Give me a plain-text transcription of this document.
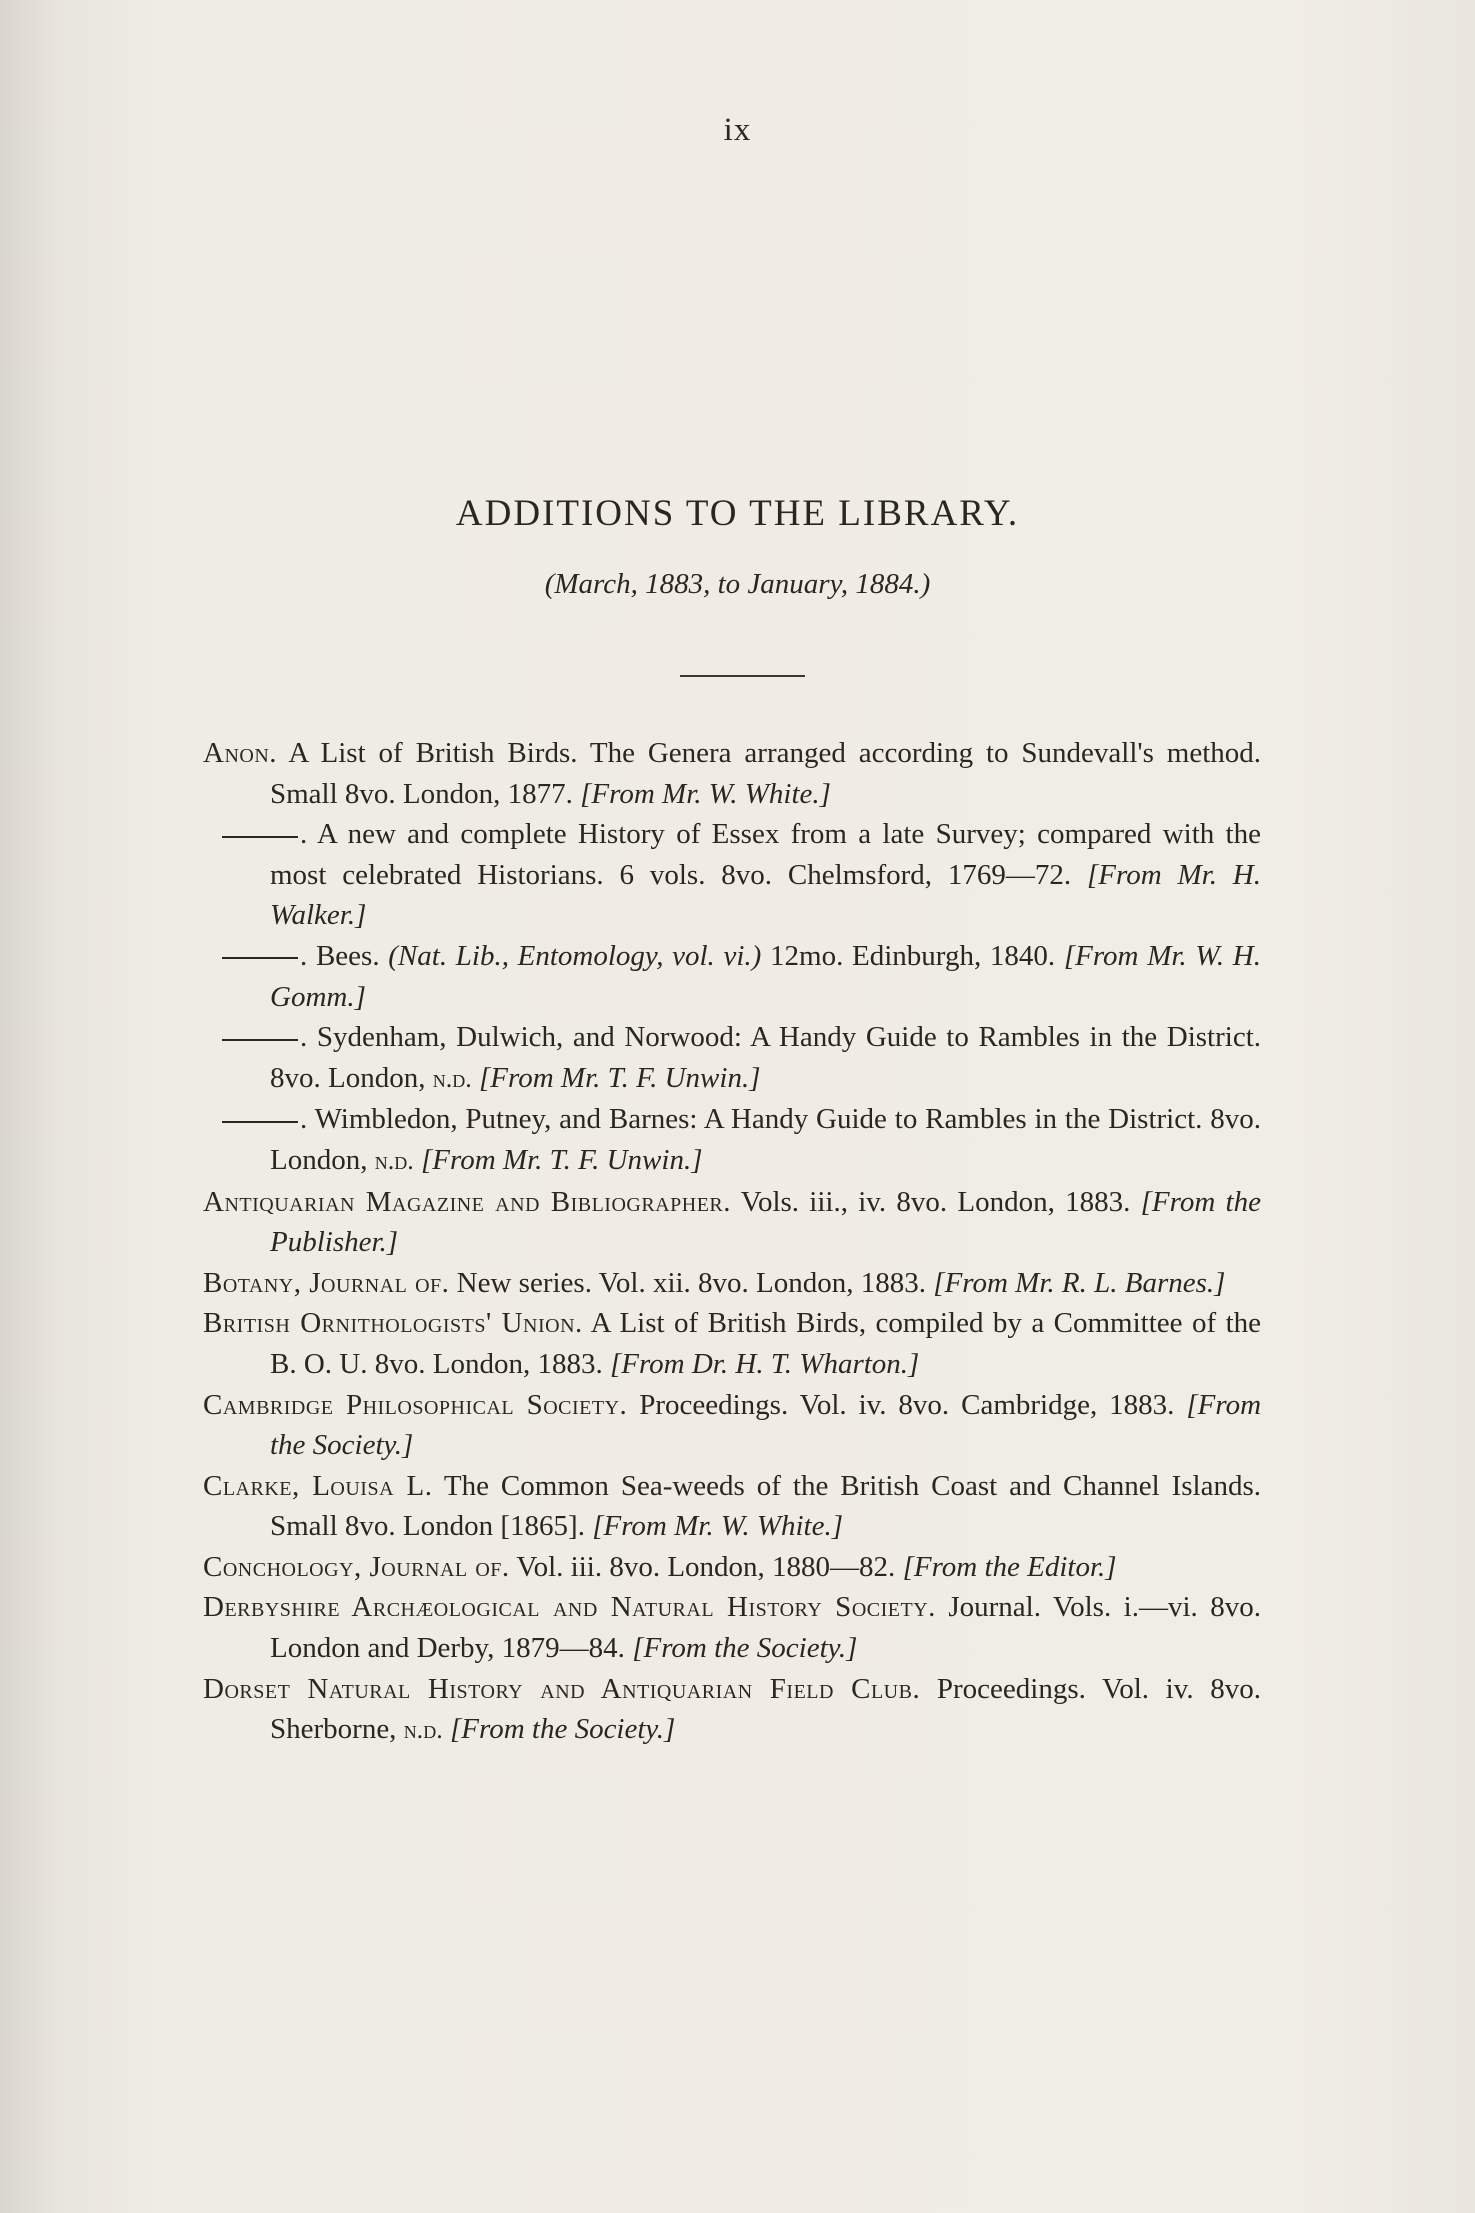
ix
ADDITIONS TO THE LIBRARY.
(March, 1883, to January, 1884.)

Anon. A List of British Birds. The Genera arranged according to Sundevall's method. Small 8vo. London, 1877. [From Mr. W. White.]

. A new and complete History of Essex from a late Survey; compared with the most celebrated Historians. 6 vols. 8vo. Chelmsford, 1769—72. [From Mr. H. Walker.]

. Bees. (Nat. Lib., Entomology, vol. vi.) 12mo. Edinburgh, 1840. [From Mr. W. H. Gomm.]

. Sydenham, Dulwich, and Norwood: A Handy Guide to Rambles in the District. 8vo. London, n.d. [From Mr. T. F. Unwin.]

. Wimbledon, Putney, and Barnes: A Handy Guide to Rambles in the District. 8vo. London, n.d. [From Mr. T. F. Unwin.]

Antiquarian Magazine and Bibliographer. Vols. iii., iv. 8vo. London, 1883. [From the Publisher.]

Botany, Journal of. New series. Vol. xii. 8vo. London, 1883. [From Mr. R. L. Barnes.]

British Ornithologists' Union. A List of British Birds, compiled by a Committee of the B. O. U. 8vo. London, 1883. [From Dr. H. T. Wharton.]

Cambridge Philosophical Society. Proceedings. Vol. iv. 8vo. Cambridge, 1883. [From the Society.]

Clarke, Louisa L. The Common Sea-weeds of the British Coast and Channel Islands. Small 8vo. London [1865]. [From Mr. W. White.]

Conchology, Journal of. Vol. iii. 8vo. London, 1880—82. [From the Editor.]

Derbyshire Archæological and Natural History Society. Journal. Vols. i.—vi. 8vo. London and Derby, 1879—84. [From the Society.]

Dorset Natural History and Antiquarian Field Club. Proceedings. Vol. iv. 8vo. Sherborne, n.d. [From the Society.]
